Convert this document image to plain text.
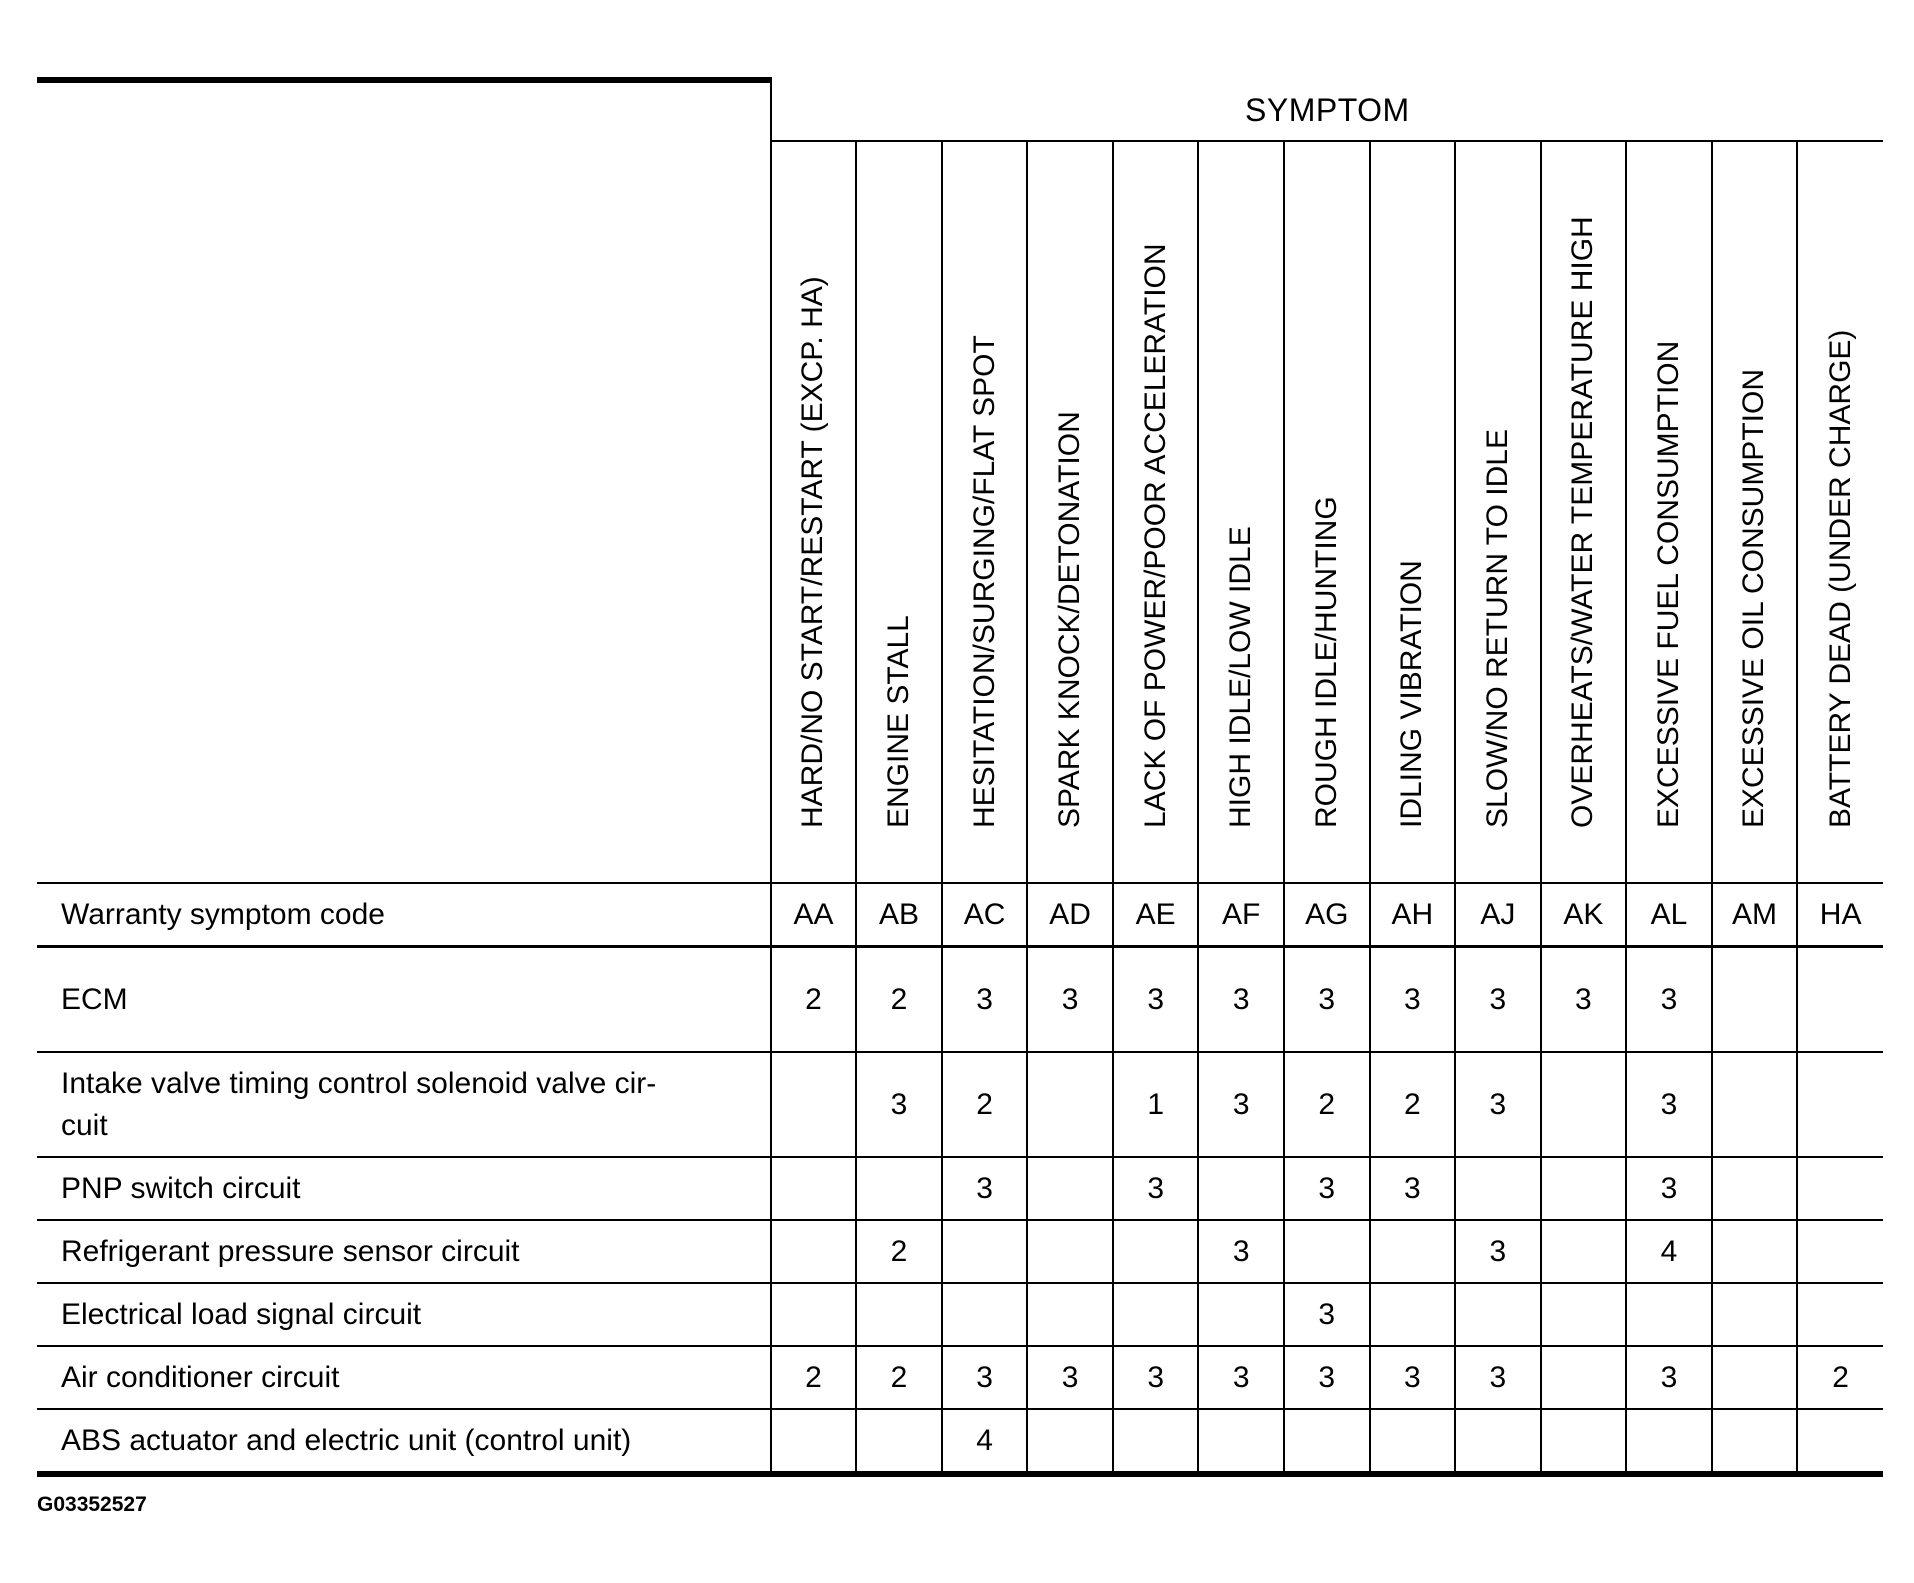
	SYMPTOM												

	HARD/NO START/RESTART (EXCP. HA)	ENGINE STALL	HESITATION/SURGING/FLAT SPOT	SPARK KNOCK/DETONATION	LACK OF POWER/POOR ACCELERATION	HIGH IDLE/LOW IDLE	ROUGH IDLE/HUNTING	IDLING VIBRATION	SLOW/NO RETURN TO IDLE	OVERHEATS/WATER TEMPERATURE HIGH	EXCESSIVE FUEL CONSUMPTION	EXCESSIVE OIL CONSUMPTION	BATTERY DEAD (UNDER CHARGE)

Warranty symptom code	AA	AB	AC	AD	AE	AF	AG	AH	AJ	AK	AL	AM	HA
ECM	2	2	3	3	3	3	3	3	3	3	3		
Intake valve timing control solenoid valve cir-
cuit		3	2		1	3	2	2	3		3		
PNP switch circuit			3		3		3	3			3		
Refrigerant pressure sensor circuit		2				3			3		4		
Electrical load signal circuit							3						
Air conditioner circuit	2	2	3	3	3	3	3	3	3		3		2
ABS actuator and electric unit (control unit)			4										
G03352527
